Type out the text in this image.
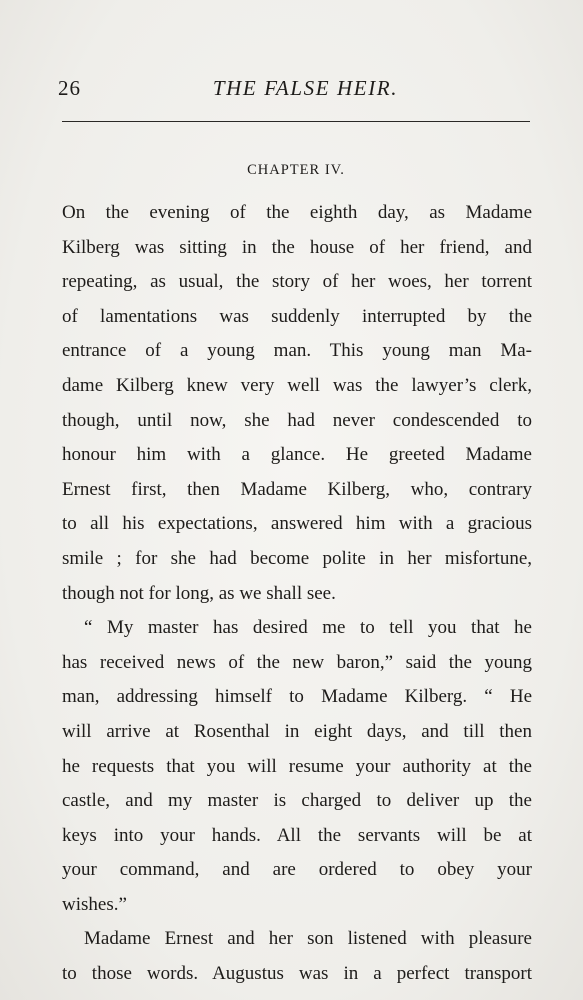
26	THE FALSE HEIR.
CHAPTER IV.
On the evening of the eighth day, as Madame
Kilberg was sitting in the house of her friend, and
repeating, as usual, the story of her woes, her torrent
of lamentations was suddenly interrupted by the
entrance of a young man. This young man Ma-
dame Kilberg knew very well was the lawyer’s clerk,
though, until now, she had never condescended to
honour him with a glance. He greeted Madame
Ernest first, then Madame Kilberg, who, contrary
to all his expectations, answered him with a gracious
smile ; for she had become polite in her misfortune,
though not for long, as we shall see.
“ My master has desired me to tell you that he
has received news of the new baron,” said the young
man, addressing himself to Madame Kilberg. “ He
will arrive at Rosenthal in eight days, and till then
he requests that you will resume your authority at the
castle, and my master is charged to deliver up the
keys into your hands. All the servants will be at
your command, and are ordered to obey your
wishes.”
Madame Ernest and her son listened with pleasure
to those words. Augustus was in a perfect transport
